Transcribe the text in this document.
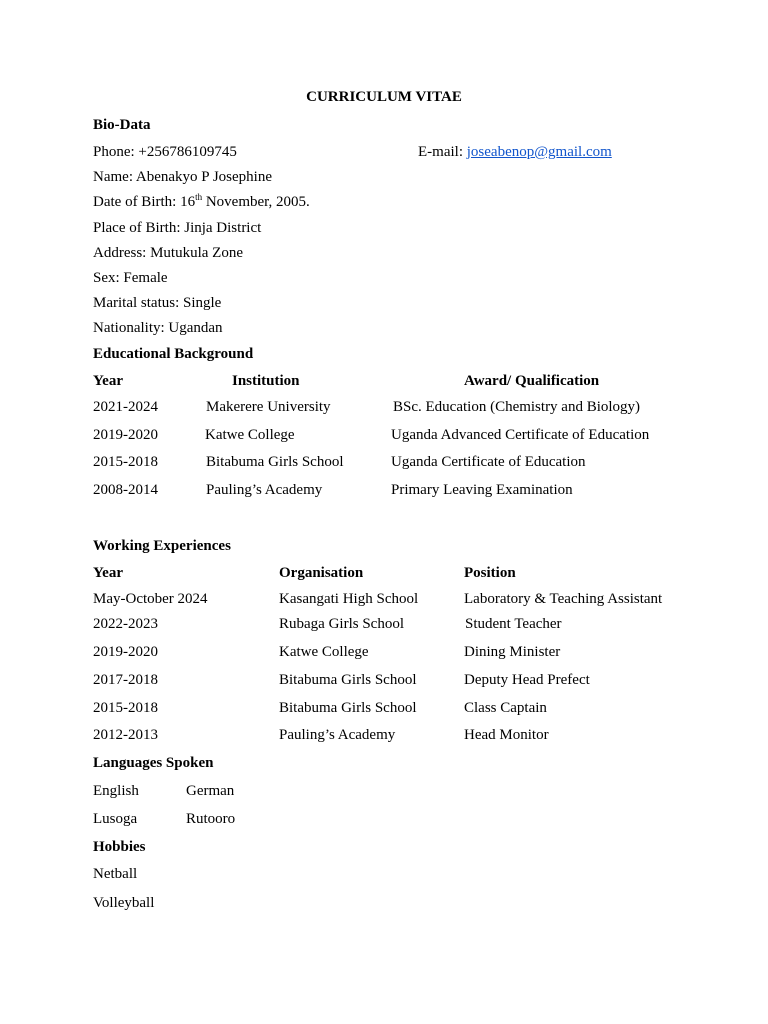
CURRICULUM VITAE
Bio-Data
Phone: +256786109745	E-mail: joseabenop@gmail.com
Name: Abenakyo P Josephine
Date of Birth: 16th November, 2005.
Place of Birth: Jinja District
Address: Mutukula Zone
Sex: Female
Marital status: Single
Nationality: Ugandan
Educational Background
Year	Institution	Award/ Qualification
2021-2024	Makerere University	BSc. Education (Chemistry and Biology)
2019-2020	Katwe College	Uganda Advanced Certificate of Education
2015-2018	Bitabuma Girls School	Uganda Certificate of Education
2008-2014	Pauling’s Academy	Primary Leaving Examination
Working Experiences
Year	Organisation	Position
May-October 2024	Kasangati High School	Laboratory & Teaching Assistant
2022-2023	Rubaga Girls School	Student Teacher
2019-2020	Katwe College	Dining Minister
2017-2018	Bitabuma Girls School	Deputy Head Prefect
2015-2018	Bitabuma Girls School	Class Captain
2012-2013	Pauling’s Academy	Head Monitor
Languages Spoken
English	German
Lusoga	Rutooro
Hobbies
Netball
Volleyball
